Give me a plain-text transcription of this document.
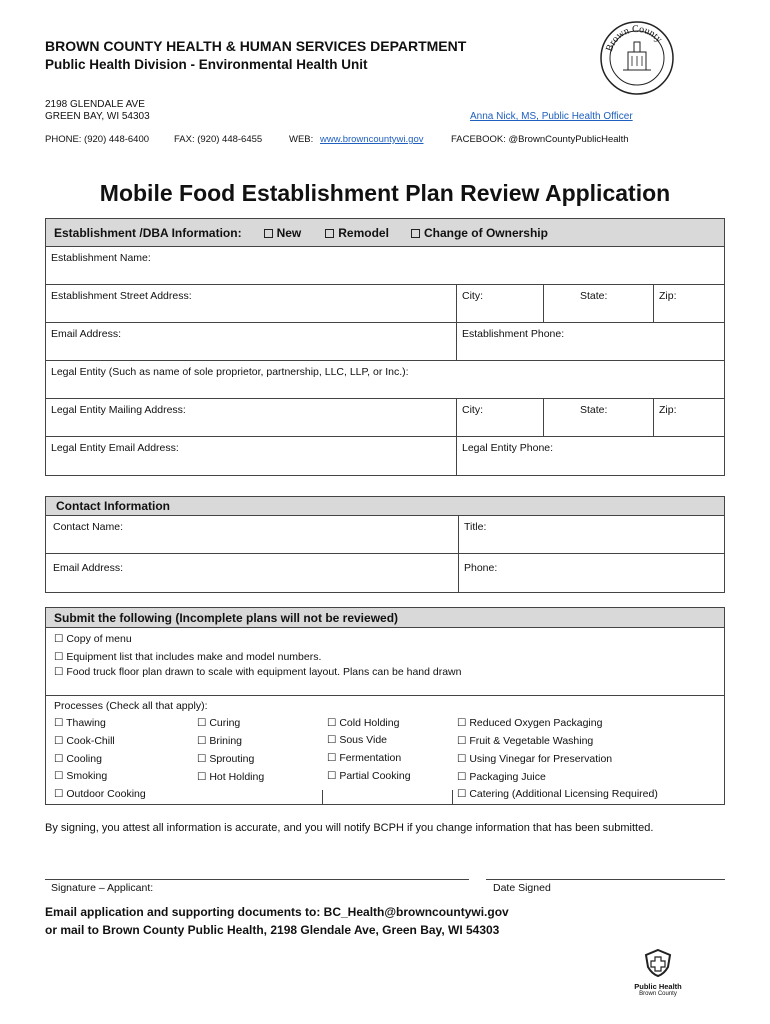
BROWN COUNTY HEALTH & HUMAN SERVICES DEPARTMENT
Public Health Division - Environmental Health Unit
2198 GLENDALE AVE
GREEN BAY, WI 54303	Anna Nick, MS, Public Health Officer
PHONE: (920) 448-6400	FAX: (920) 448-6455	WEB: www.browncountywi.gov	FACEBOOK: @BrownCountyPublicHealth
Brown County
Mobile Food Establishment Plan Review Application
Establishment /DBA Information:	New	Remodel	Change of Ownership
Establishment Name:
Establishment Street Address:	City:	State:	Zip:
Email Address:	Establishment Phone:
Legal Entity (Such as name of sole proprietor, partnership, LLC, LLP, or Inc.):
Legal Entity Mailing Address:	City:	State:	Zip:
Legal Entity Email Address:	Legal Entity Phone:
Contact Information
Contact Name:	Title:
Email Address:	Phone:
Submit the following (Incomplete plans will not be reviewed)
☐ Copy of menu
☐ Equipment list that includes make and model numbers.
☐ Food truck floor plan drawn to scale with equipment layout. Plans can be hand drawn
Processes (Check all that apply):
☐ Thawing
☐ Cook-Chill
☐ Cooling
☐ Smoking
☐ Outdoor Cooking
☐ Curing
☐ Brining
☐ Sprouting
☐ Hot Holding
☐ Cold Holding
☐ Sous Vide
☐ Fermentation
☐ Partial Cooking
☐ Reduced Oxygen Packaging
☐ Fruit & Vegetable Washing
☐ Using Vinegar for Preservation
☐ Packaging Juice
☐ Catering (Additional Licensing Required)
By signing, you attest all information is accurate, and you will notify BCPH if you change information that has been submitted.
Signature – Applicant:	Date Signed
Email application and supporting documents to: BC_Health@browncountywi.gov
or mail to Brown County Public Health, 2198 Glendale Ave, Green Bay, WI 54303
Public Health
Brown County
